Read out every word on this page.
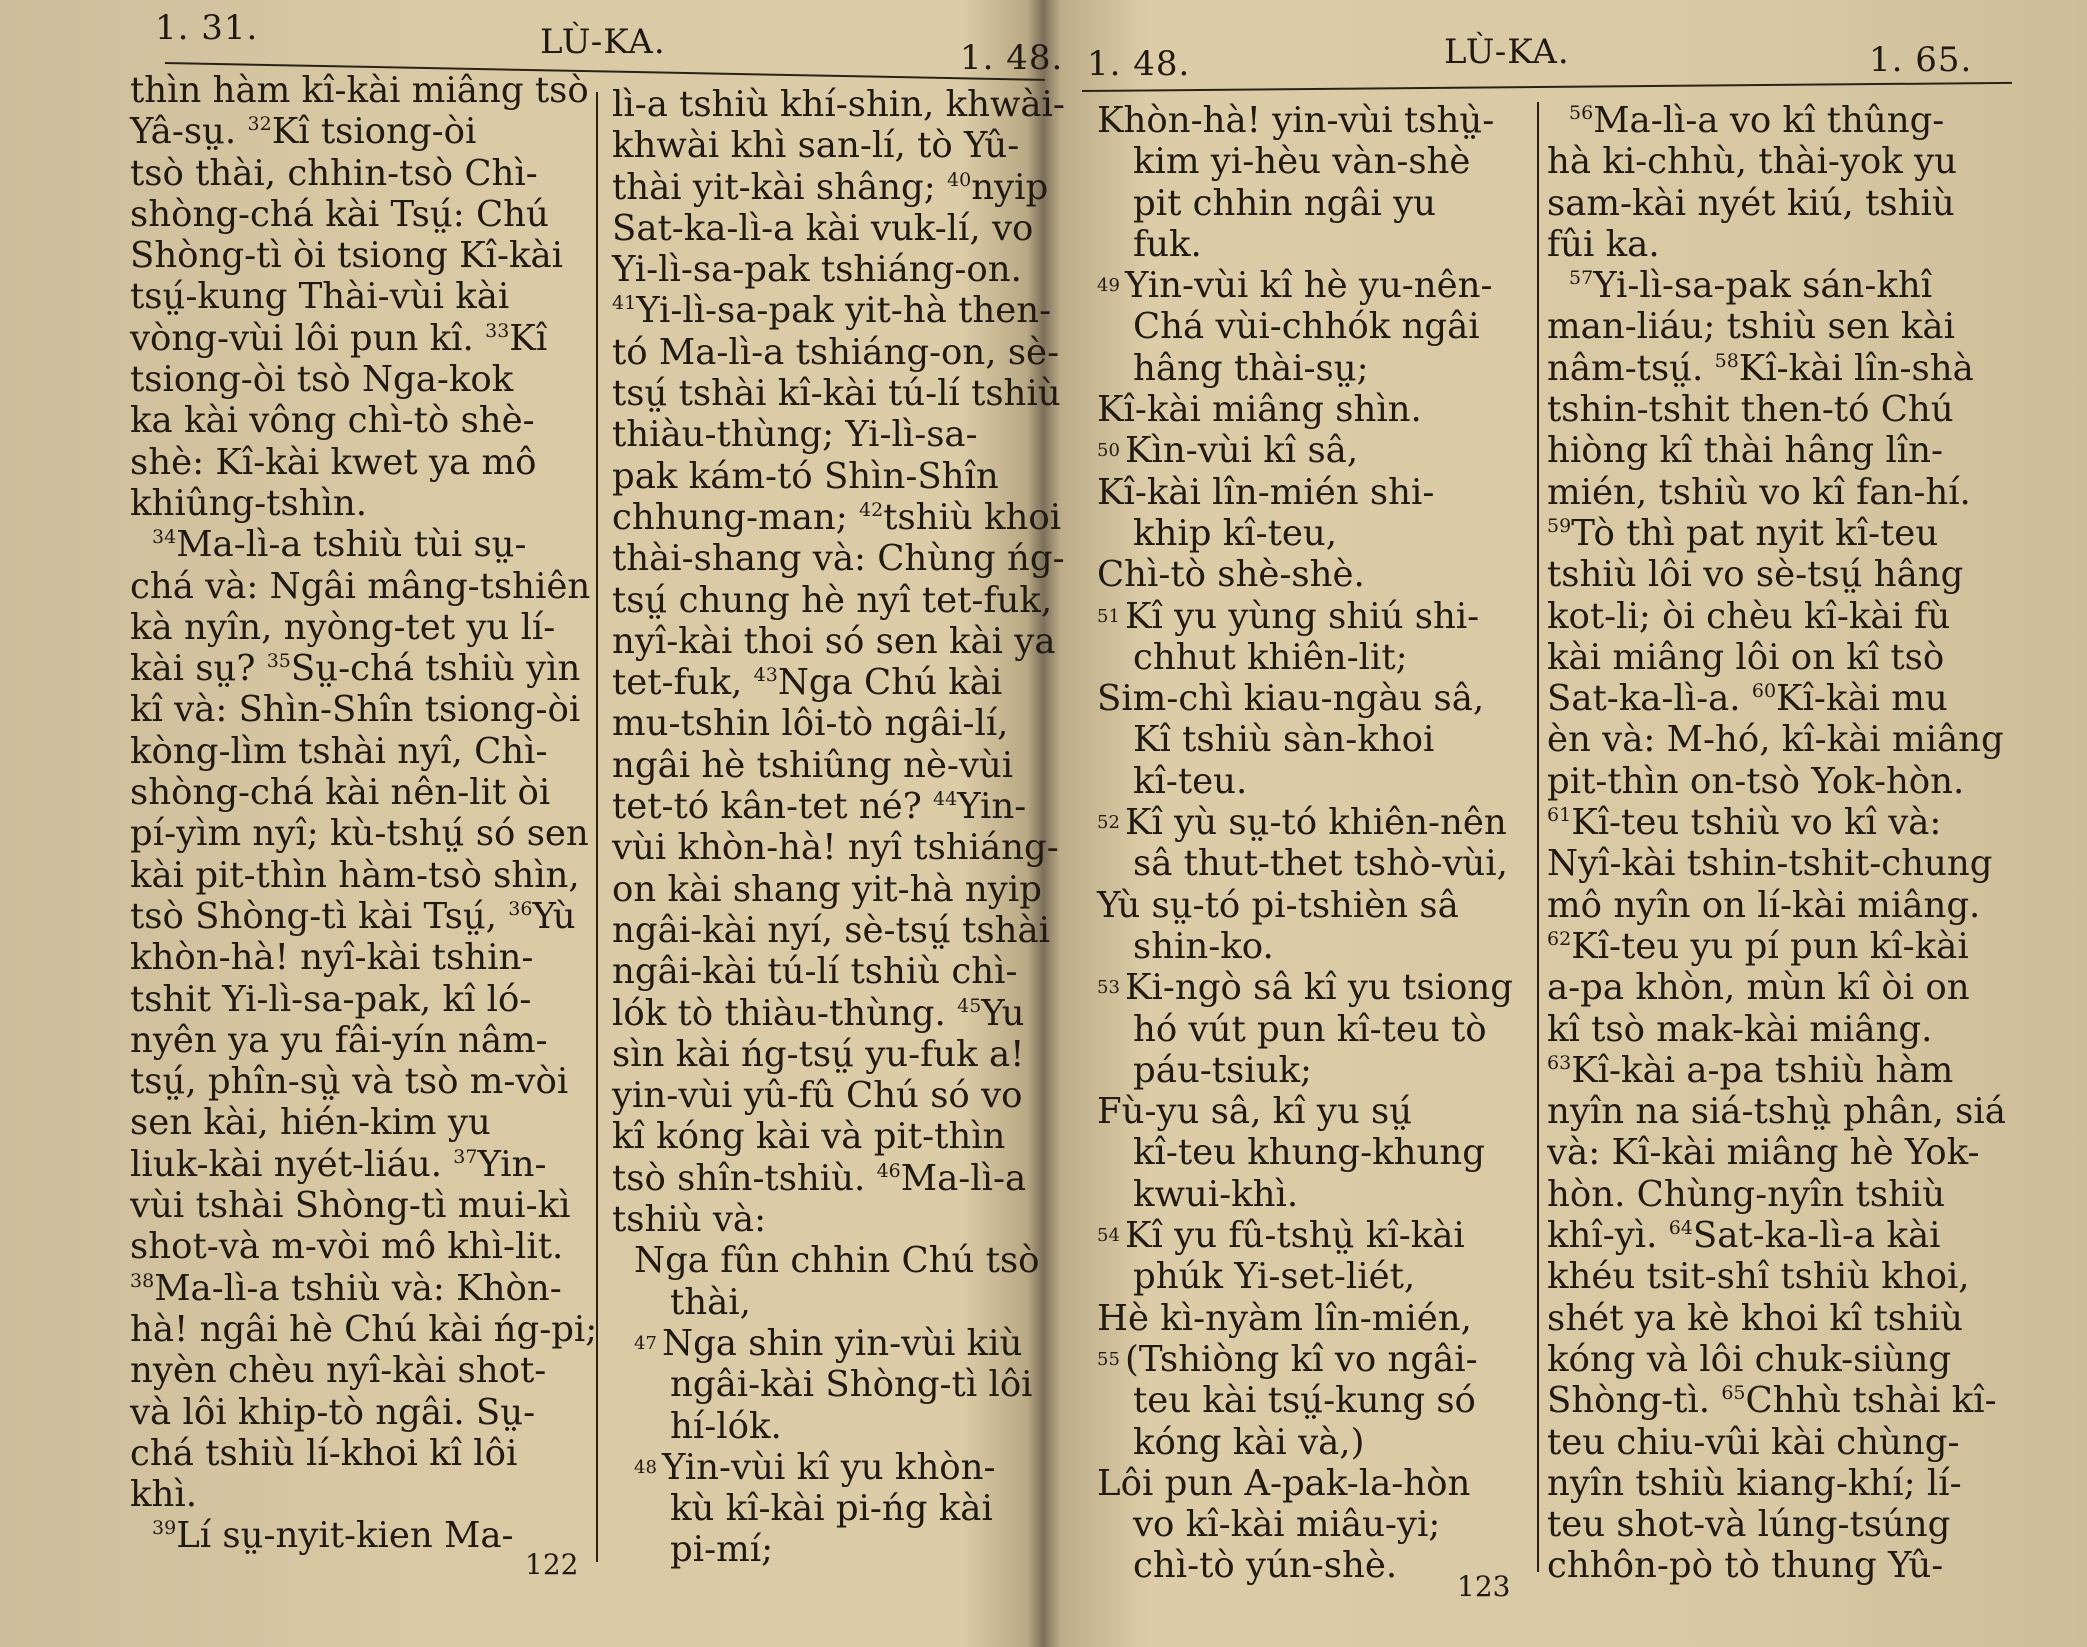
1. 31.	LÙ-KA.	1. 48.
thìn hàm kî-kài miâng tsò
Yâ-sṳ. $^{32}$Kî tsiong-òi
tsò thài, chhin-tsò Chì-
shòng-chá kài Tsṳ́: Chú
Shòng-tì òi tsiong Kî-kài
tsṳ́-kung Thài-vùi kài
vòng-vùi lôi pun kî. $^{33}$Kî
tsiong-òi tsò Nga-kok
ka kài vông chì-tò shè-
shè: Kî-kài kwet ya mô
khiûng-tshìn.
$^{34}$Ma-lì-a tshiù tùi sṳ-
chá và: Ngâi mâng-tshiên
kà nyîn, nyòng-tet yu lí-
kài sṳ? $^{35}$Sṳ-chá tshiù yìn
kî và: Shìn-Shîn tsiong-òi
kòng-lìm tshài nyî, Chì-
shòng-chá kài nên-lit òi
pí-yìm nyî; kù-tshṳ́ só sen
kài pit-thìn hàm-tsò shìn,
tsò Shòng-tì kài Tsṳ́, $^{36}$Yù
khòn-hà! nyî-kài tshin-
tshit Yi-lì-sa-pak, kî ló-
nyên ya yu fâi-yín nâm-
tsṳ́, phîn-sṳ̀ và tsò m-vòi
sen kài, hién-kim yu
liuk-kài nyét-liáu. $^{37}$Yin-
vùi tshài Shòng-tì mui-kì
shot-và m-vòi mô khì-lit.
$^{38}$Ma-lì-a tshiù và: Khòn-
hà! ngâi hè Chú kài ńg-pi;
nyèn chèu nyî-kài shot-
và lôi khip-tò ngâi. Sṳ-
chá tshiù lí-khoi kî lôi
khì.
$^{39}$Lí sṳ-nyit-kien Ma-
lì-a tshiù khí-shin, khwài-
khwài khì san-lí, tò Yû-
thài yit-kài shâng; $^{40}$nyip
Sat-ka-lì-a kài vuk-lí, vo
Yi-lì-sa-pak tshiáng-on.
$^{41}$Yi-lì-sa-pak yit-hà then-
tó Ma-lì-a tshiáng-on, sè-
tsṳ́ tshài kî-kài tú-lí tshiù
thiàu-thùng; Yi-lì-sa-
pak kám-tó Shìn-Shîn
chhung-man; $^{42}$tshiù khoi
thài-shang và: Chùng ńg-
tsṳ́ chung hè nyî tet-fuk,
nyî-kài thoi só sen kài ya
tet-fuk, $^{43}$Nga Chú kài
mu-tshin lôi-tò ngâi-lí,
ngâi hè tshiûng nè-vùi
tet-tó kân-tet né? $^{44}$Yin-
vùi khòn-hà! nyî tshiáng-
on kài shang yit-hà nyip
ngâi-kài nyí, sè-tsṳ́ tshài
ngâi-kài tú-lí tshiù chì-
lók tò thiàu-thùng. $^{45}$Yu
sìn kài ńg-tsṳ́ yu-fuk a!
yin-vùi yû-fû Chú só vo
kî kóng kài và pit-thìn
tsò shîn-tshiù. $^{46}$Ma-lì-a
tshiù và:
Nga fûn chhin Chú tsò
thài,
47 Nga shin yin-vùi kiù
ngâi-kài Shòng-tì lôi
hí-lók.
48 Yin-vùi kî yu khòn-
kù kî-kài pi-ńg kài
pi-mí;
122
1. 48.	LÙ-KA.	1. 65.
Khòn-hà! yin-vùi tshṳ̀-
kim yi-hèu vàn-shè
pit chhin ngâi yu
fuk.
49 Yin-vùi kî hè yu-nên-
Chá vùi-chhók ngâi
hâng thài-sṳ;
Kî-kài miâng shìn.
50 Kìn-vùi kî sâ,
Kî-kài lîn-mién shi-
khip kî-teu,
Chì-tò shè-shè.
51 Kî yu yùng shiú shi-
chhut khiên-lit;
Sim-chì kiau-ngàu sâ,
Kî tshiù sàn-khoi
kî-teu.
52 Kî yù sṳ-tó khiên-nên
sâ thut-thet tshò-vùi,
Yù sṳ-tó pi-tshièn sâ
shin-ko.
53 Ki-ngò sâ kî yu tsiong
hó vút pun kî-teu tò
páu-tsiuk;
Fù-yu sâ, kî yu sṳ́
kî-teu khung-khung
kwui-khì.
54 Kî yu fû-tshṳ̀ kî-kài
phúk Yi-set-liét,
Hè kì-nyàm lîn-mién,
55 (Tshiòng kî vo ngâi-
teu kài tsṳ́-kung só
kóng kài và,)
Lôi pun A-pak-la-hòn
vo kî-kài miâu-yi;
chì-tò yún-shè.
$^{56}$Ma-lì-a vo kî thûng-
hà ki-chhù, thài-yok yu
sam-kài nyét kiú, tshiù
fûi ka.
$^{57}$Yi-lì-sa-pak sán-khî
man-liáu; tshiù sen kài
nâm-tsṳ́. $^{58}$Kî-kài lîn-shà
tshin-tshit then-tó Chú
hiòng kî thài hâng lîn-
mién, tshiù vo kî fan-hí.
$^{59}$Tò thì pat nyit kî-teu
tshiù lôi vo sè-tsṳ́ hâng
kot-li; òi chèu kî-kài fù
kài miâng lôi on kî tsò
Sat-ka-lì-a. $^{60}$Kî-kài mu
èn và: M-hó, kî-kài miâng
pit-thìn on-tsò Yok-hòn.
$^{61}$Kî-teu tshiù vo kî và:
Nyî-kài tshin-tshit-chung
mô nyîn on lí-kài miâng.
$^{62}$Kî-teu yu pí pun kî-kài
a-pa khòn, mùn kî òi on
kî tsò mak-kài miâng.
$^{63}$Kî-kài a-pa tshiù hàm
nyîn na siá-tshṳ̀ phân, siá
và: Kî-kài miâng hè Yok-
hòn. Chùng-nyîn tshiù
khî-yì. $^{64}$Sat-ka-lì-a kài
khéu tsit-shî tshiù khoi,
shét ya kè khoi kî tshiù
kóng và lôi chuk-siùng
Shòng-tì. $^{65}$Chhù tshài kî-
teu chiu-vûi kài chùng-
nyîn tshiù kiang-khí; lí-
teu shot-và lúng-tsúng
chhôn-pò tò thung Yû-
123
